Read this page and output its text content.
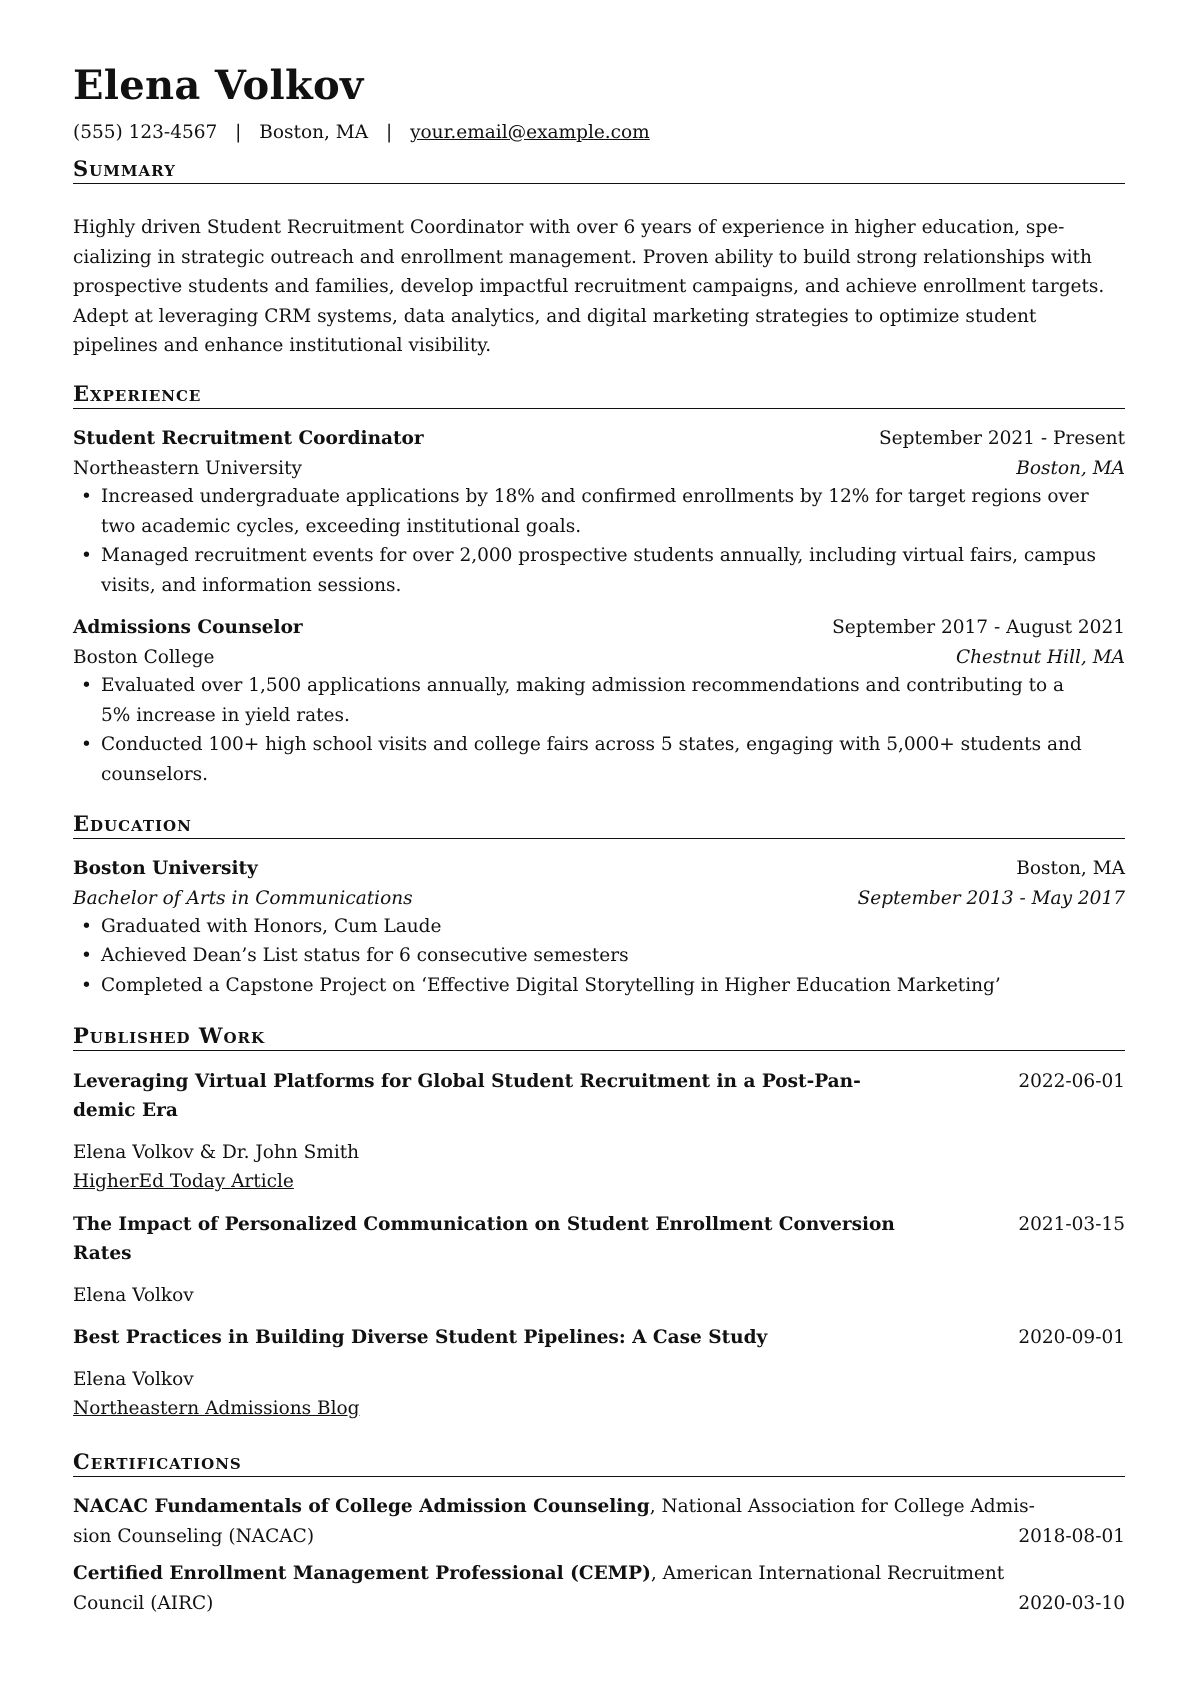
Elena Volkov
(555) 123-4567 | Boston, MA | your.email@example.com
Summary
Highly driven Student Recruitment Coordinator with over 6 years of experience in higher education, spe-
cializing in strategic outreach and enrollment management. Proven ability to build strong relationships with
prospective students and families, develop impactful recruitment campaigns, and achieve enrollment targets.
Adept at leveraging CRM systems, data analytics, and digital marketing strategies to optimize student
pipelines and enhance institutional visibility.
Experience
Student Recruitment Coordinator	September 2021 - Present
Northeastern University	Boston, MA
• Increased undergraduate applications by 18% and confirmed enrollments by 12% for target regions over
two academic cycles, exceeding institutional goals.
• Managed recruitment events for over 2,000 prospective students annually, including virtual fairs, campus
visits, and information sessions.
Admissions Counselor	September 2017 - August 2021
Boston College	Chestnut Hill, MA
• Evaluated over 1,500 applications annually, making admission recommendations and contributing to a
5% increase in yield rates.
• Conducted 100+ high school visits and college fairs across 5 states, engaging with 5,000+ students and
counselors.
Education
Boston University	Boston, MA
Bachelor of Arts in Communications	September 2013 - May 2017
• Graduated with Honors, Cum Laude
• Achieved Dean’s List status for 6 consecutive semesters
• Completed a Capstone Project on ‘Effective Digital Storytelling in Higher Education Marketing’
Published Work
Leveraging Virtual Platforms for Global Student Recruitment in a Post-Pan-	2022-06-01
demic Era
Elena Volkov & Dr. John Smith
HigherEd Today Article
The Impact of Personalized Communication on Student Enrollment Conversion	2021-03-15
Rates
Elena Volkov
Best Practices in Building Diverse Student Pipelines: A Case Study	2020-09-01
Elena Volkov
Northeastern Admissions Blog
Certifications
NACAC Fundamentals of College Admission Counseling, National Association for College Admis-
sion Counseling (NACAC)	2018-08-01
Certified Enrollment Management Professional (CEMP), American International Recruitment
Council (AIRC)	2020-03-10
